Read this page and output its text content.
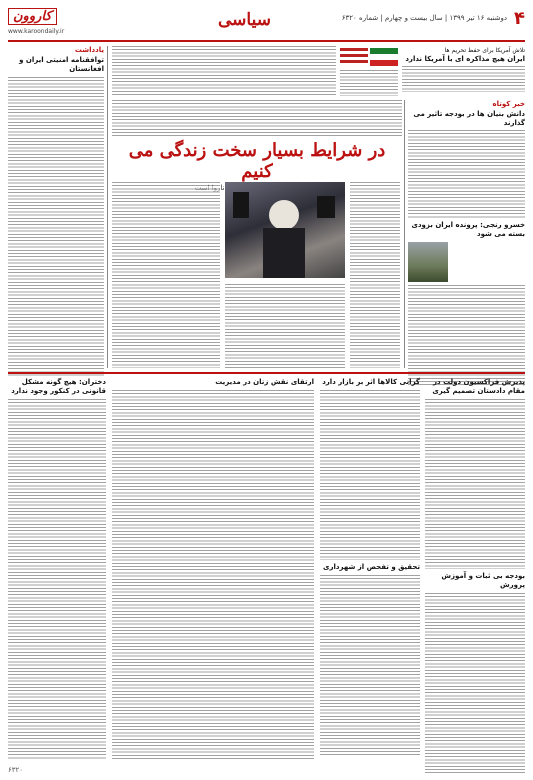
۴
دوشنبه ۱۶ تیر ۱۳۹۹ | سال بیست و چهارم | شماره ۶۳۲۰
سیاسی
کاروون
www.karoondaily.ir
یادداشت
توافقنامه امنیتی ایران و افغانستان
تلاش آمریکا برای حفظ تحریم ها
ایران هیچ مذاکره ای با آمریکا ندارد
در شرایط بسیار سخت زندگی می کنیم
خبر کوتاه
دانش بنیان ها در بودجه تاثیر می گذارند
خسرو رنجی: پرونده ایران بزودی بسته می شود
پذیرش فراکسیون دولت در مقام دادستان تصمیم گیری
بودجه بی ثبات و آموزش پرورش
گرانی کالاها اثر بر بازار دارد
تحقیق و تفحص از شهرداری
ارتقای نقش زنان در مدیریت
دختران: هیچ گونه مشکل قانونی در کنکور وجود ندارد
۶۳۲۰
